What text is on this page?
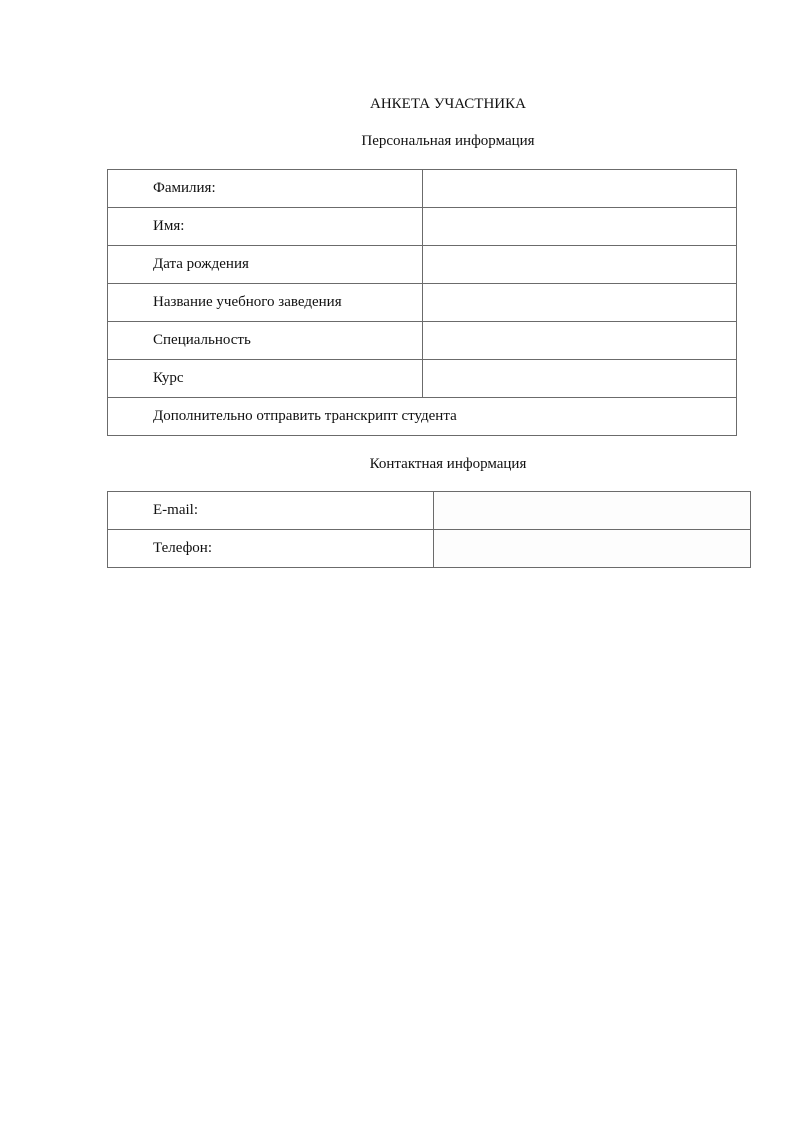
АНКЕТА УЧАСТНИКА
Персональная информация
Фамилия:	
Имя:	
Дата рождения	
Название учебного заведения	
Специальность	
Курс	
Дополнительно отправить транскрипт студента	
Контактная информация
E-mail:	
Телефон:	
